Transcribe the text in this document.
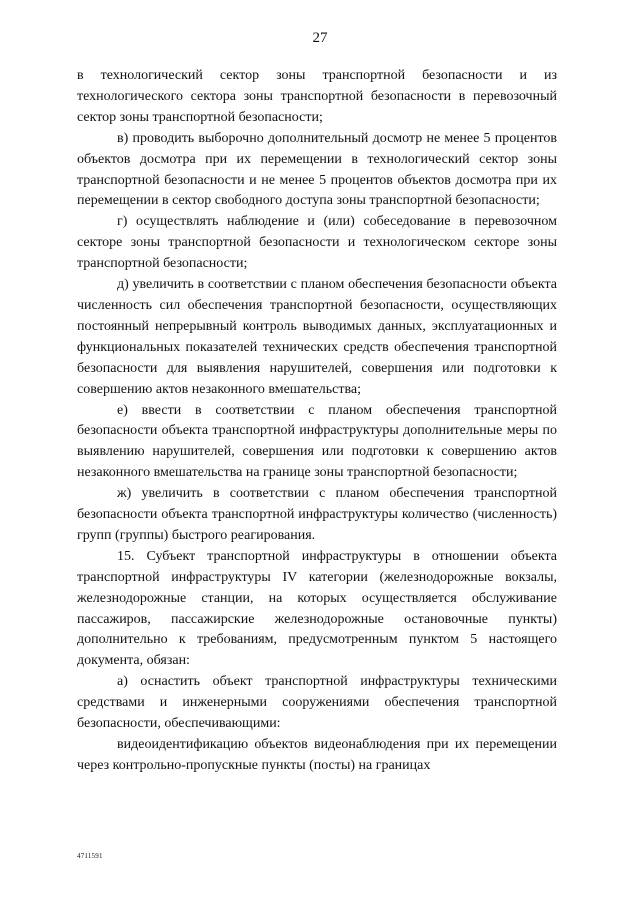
27

в технологический сектор зоны транспортной безопасности и из технологического сектора зоны транспортной безопасности в перевозочный сектор зоны транспортной безопасности;

в) проводить выборочно дополнительный досмотр не менее 5 процентов объектов досмотра при их перемещении в технологический сектор зоны транспортной безопасности и не менее 5 процентов объектов досмотра при их перемещении в сектор свободного доступа зоны транспортной безопасности;

г) осуществлять наблюдение и (или) собеседование в перевозочном секторе зоны транспортной безопасности и технологическом секторе зоны транспортной безопасности;

д) увеличить в соответствии с планом обеспечения безопасности объекта численность сил обеспечения транспортной безопасности, осуществляющих постоянный непрерывный контроль выводимых данных, эксплуатационных и функциональных показателей технических средств обеспечения транспортной безопасности для выявления нарушителей, совершения или подготовки к совершению актов незаконного вмешательства;

е) ввести в соответствии с планом обеспечения транспортной безопасности объекта транспортной инфраструктуры дополнительные меры по выявлению нарушителей, совершения или подготовки к совершению актов незаконного вмешательства на границе зоны транспортной безопасности;

ж) увеличить в соответствии с планом обеспечения транспортной безопасности объекта транспортной инфраструктуры количество (численность) групп (группы) быстрого реагирования.

15. Субъект транспортной инфраструктуры в отношении объекта транспортной инфраструктуры IV категории (железнодорожные вокзалы, железнодорожные станции, на которых осуществляется обслуживание пассажиров, пассажирские железнодорожные остановочные пункты) дополнительно к требованиям, предусмотренным пунктом 5 настоящего документа, обязан:

а) оснастить объект транспортной инфраструктуры техническими средствами и инженерными сооружениями обеспечения транспортной безопасности, обеспечивающими:

видеоидентификацию объектов видеонаблюдения при их перемещении через контрольно-пропускные пункты (посты) на границах

4711591
